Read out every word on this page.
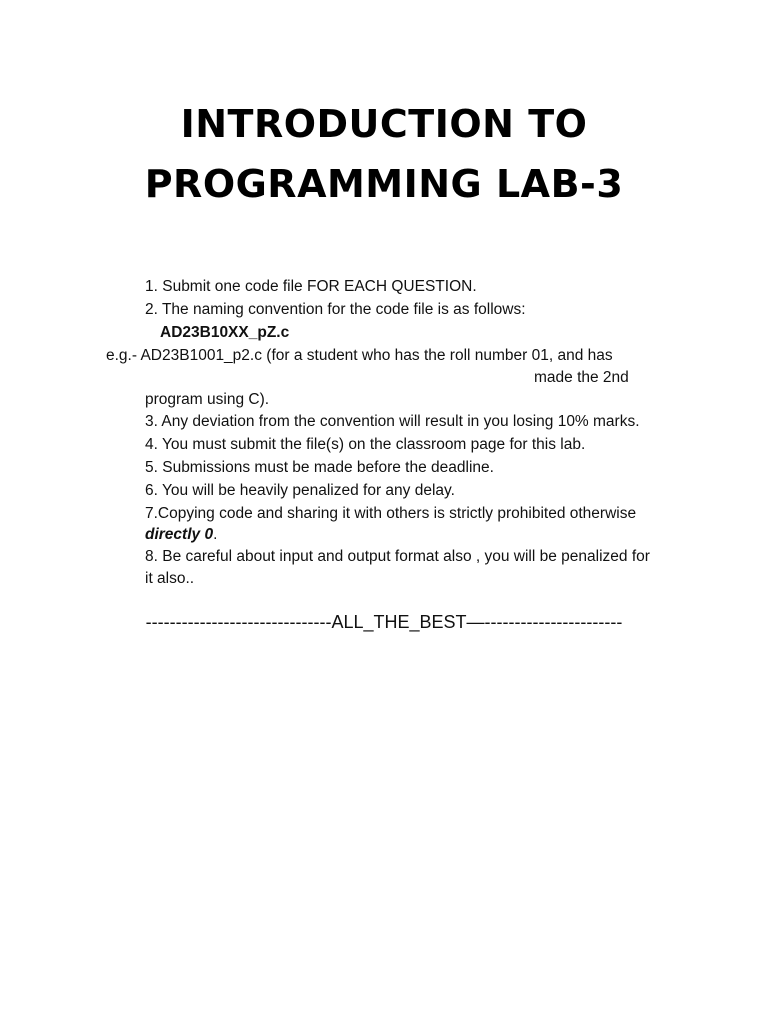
INTRODUCTION TO
PROGRAMMING LAB-3
1. Submit one code file FOR EACH QUESTION.
2. The naming convention for the code file is as follows:
AD23B10XX_pZ.c
e.g.- AD23B1001_p2.c (for a student who has the roll number 01, and has
made the 2nd
program using C).
3. Any deviation from the convention will result in you losing 10% marks.
4. You must submit the file(s) on the classroom page for this lab.
5. Submissions must be made before the deadline.
6. You will be heavily penalized for any delay.
7.Copying code and sharing it with others is strictly prohibited otherwise
directly 0.
8. Be careful about input and output format also , you will be penalized for
it also..
-------------------------------ALL_THE_BEST—-----------------------
